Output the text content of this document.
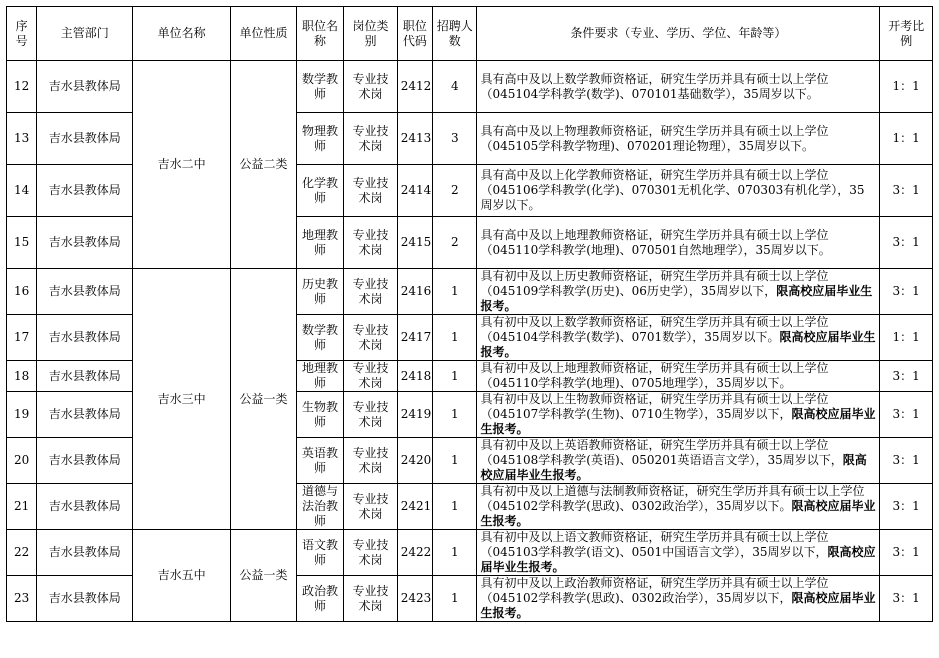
序号	主管部门	单位名称	单位性质	职位名称	岗位类别	职位代码	招聘人数	条件要求（专业、学历、学位、年龄等）	开考比例
12	吉水县教体局	吉水二中	公益二类	数学教师	专业技术岗	2412	4	具有高中及以上数学教师资格证，研究生学历并具有硕士以上学位（045104学科教学(数学)、070101基础数学），35周岁以下。	1：1
13	吉水县教体局			物理教师	专业技术岗	2413	3	具有高中及以上物理教师资格证，研究生学历并具有硕士以上学位（045105学科教学物理)、070201理论物理），35周岁以下。	1：1
14	吉水县教体局			化学教师	专业技术岗	2414	2	具有高中及以上化学教师资格证，研究生学历并具有硕士以上学位（045106学科教学(化学)、070301无机化学、070303有机化学），35周岁以下。	3：1
15	吉水县教体局			地理教师	专业技术岗	2415	2	具有高中及以上地理教师资格证，研究生学历并具有硕士以上学位（045110学科教学(地理)、070501自然地理学），35周岁以下。	3：1
16	吉水县教体局	吉水三中	公益一类	历史教师	专业技术岗	2416	1	具有初中及以上历史教师资格证，研究生学历并具有硕士以上学位（045109学科教学(历史)、06历史学），35周岁以下，限高校应届毕业生报考。	3：1
17	吉水县教体局			数学教师	专业技术岗	2417	1	具有初中及以上数学教师资格证，研究生学历并具有硕士以上学位（045104学科教学(数学)、0701数学），35周岁以下。限高校应届毕业生报考。	1：1
18	吉水县教体局			地理教师	专业技术岗	2418	1	具有初中及以上地理教师资格证，研究生学历并具有硕士以上学位（045110学科教学(地理)、0705地理学），35周岁以下。	3：1
19	吉水县教体局			生物教师	专业技术岗	2419	1	具有初中及以上生物教师资格证，研究生学历并具有硕士以上学位（045107学科教学(生物)、0710生物学），35周岁以下，限高校应届毕业生报考。	3：1
20	吉水县教体局			英语教师	专业技术岗	2420	1	具有初中及以上英语教师资格证，研究生学历并具有硕士以上学位（045108学科教学(英语)、050201英语语言文学），35周岁以下，限高校应届毕业生报考。	3：1
21	吉水县教体局			道德与法治教师	专业技术岗	2421	1	具有初中及以上道德与法制教师资格证，研究生学历并具有硕士以上学位（045102学科教学(思政)、0302政治学），35周岁以下。限高校应届毕业生报考。	3：1
22	吉水县教体局	吉水五中	公益一类	语文教师	专业技术岗	2422	1	具有初中及以上语文教师资格证，研究生学历并具有硕士以上学位（045103学科教学(语文)、0501中国语言文学），35周岁以下，限高校应届毕业生报考。	3：1
23	吉水县教体局			政治教师	专业技术岗	2423	1	具有初中及以上政治教师资格证，研究生学历并具有硕士以上学位（045102学科教学(思政)、0302政治学），35周岁以下，限高校应届毕业生报考。	3：1
